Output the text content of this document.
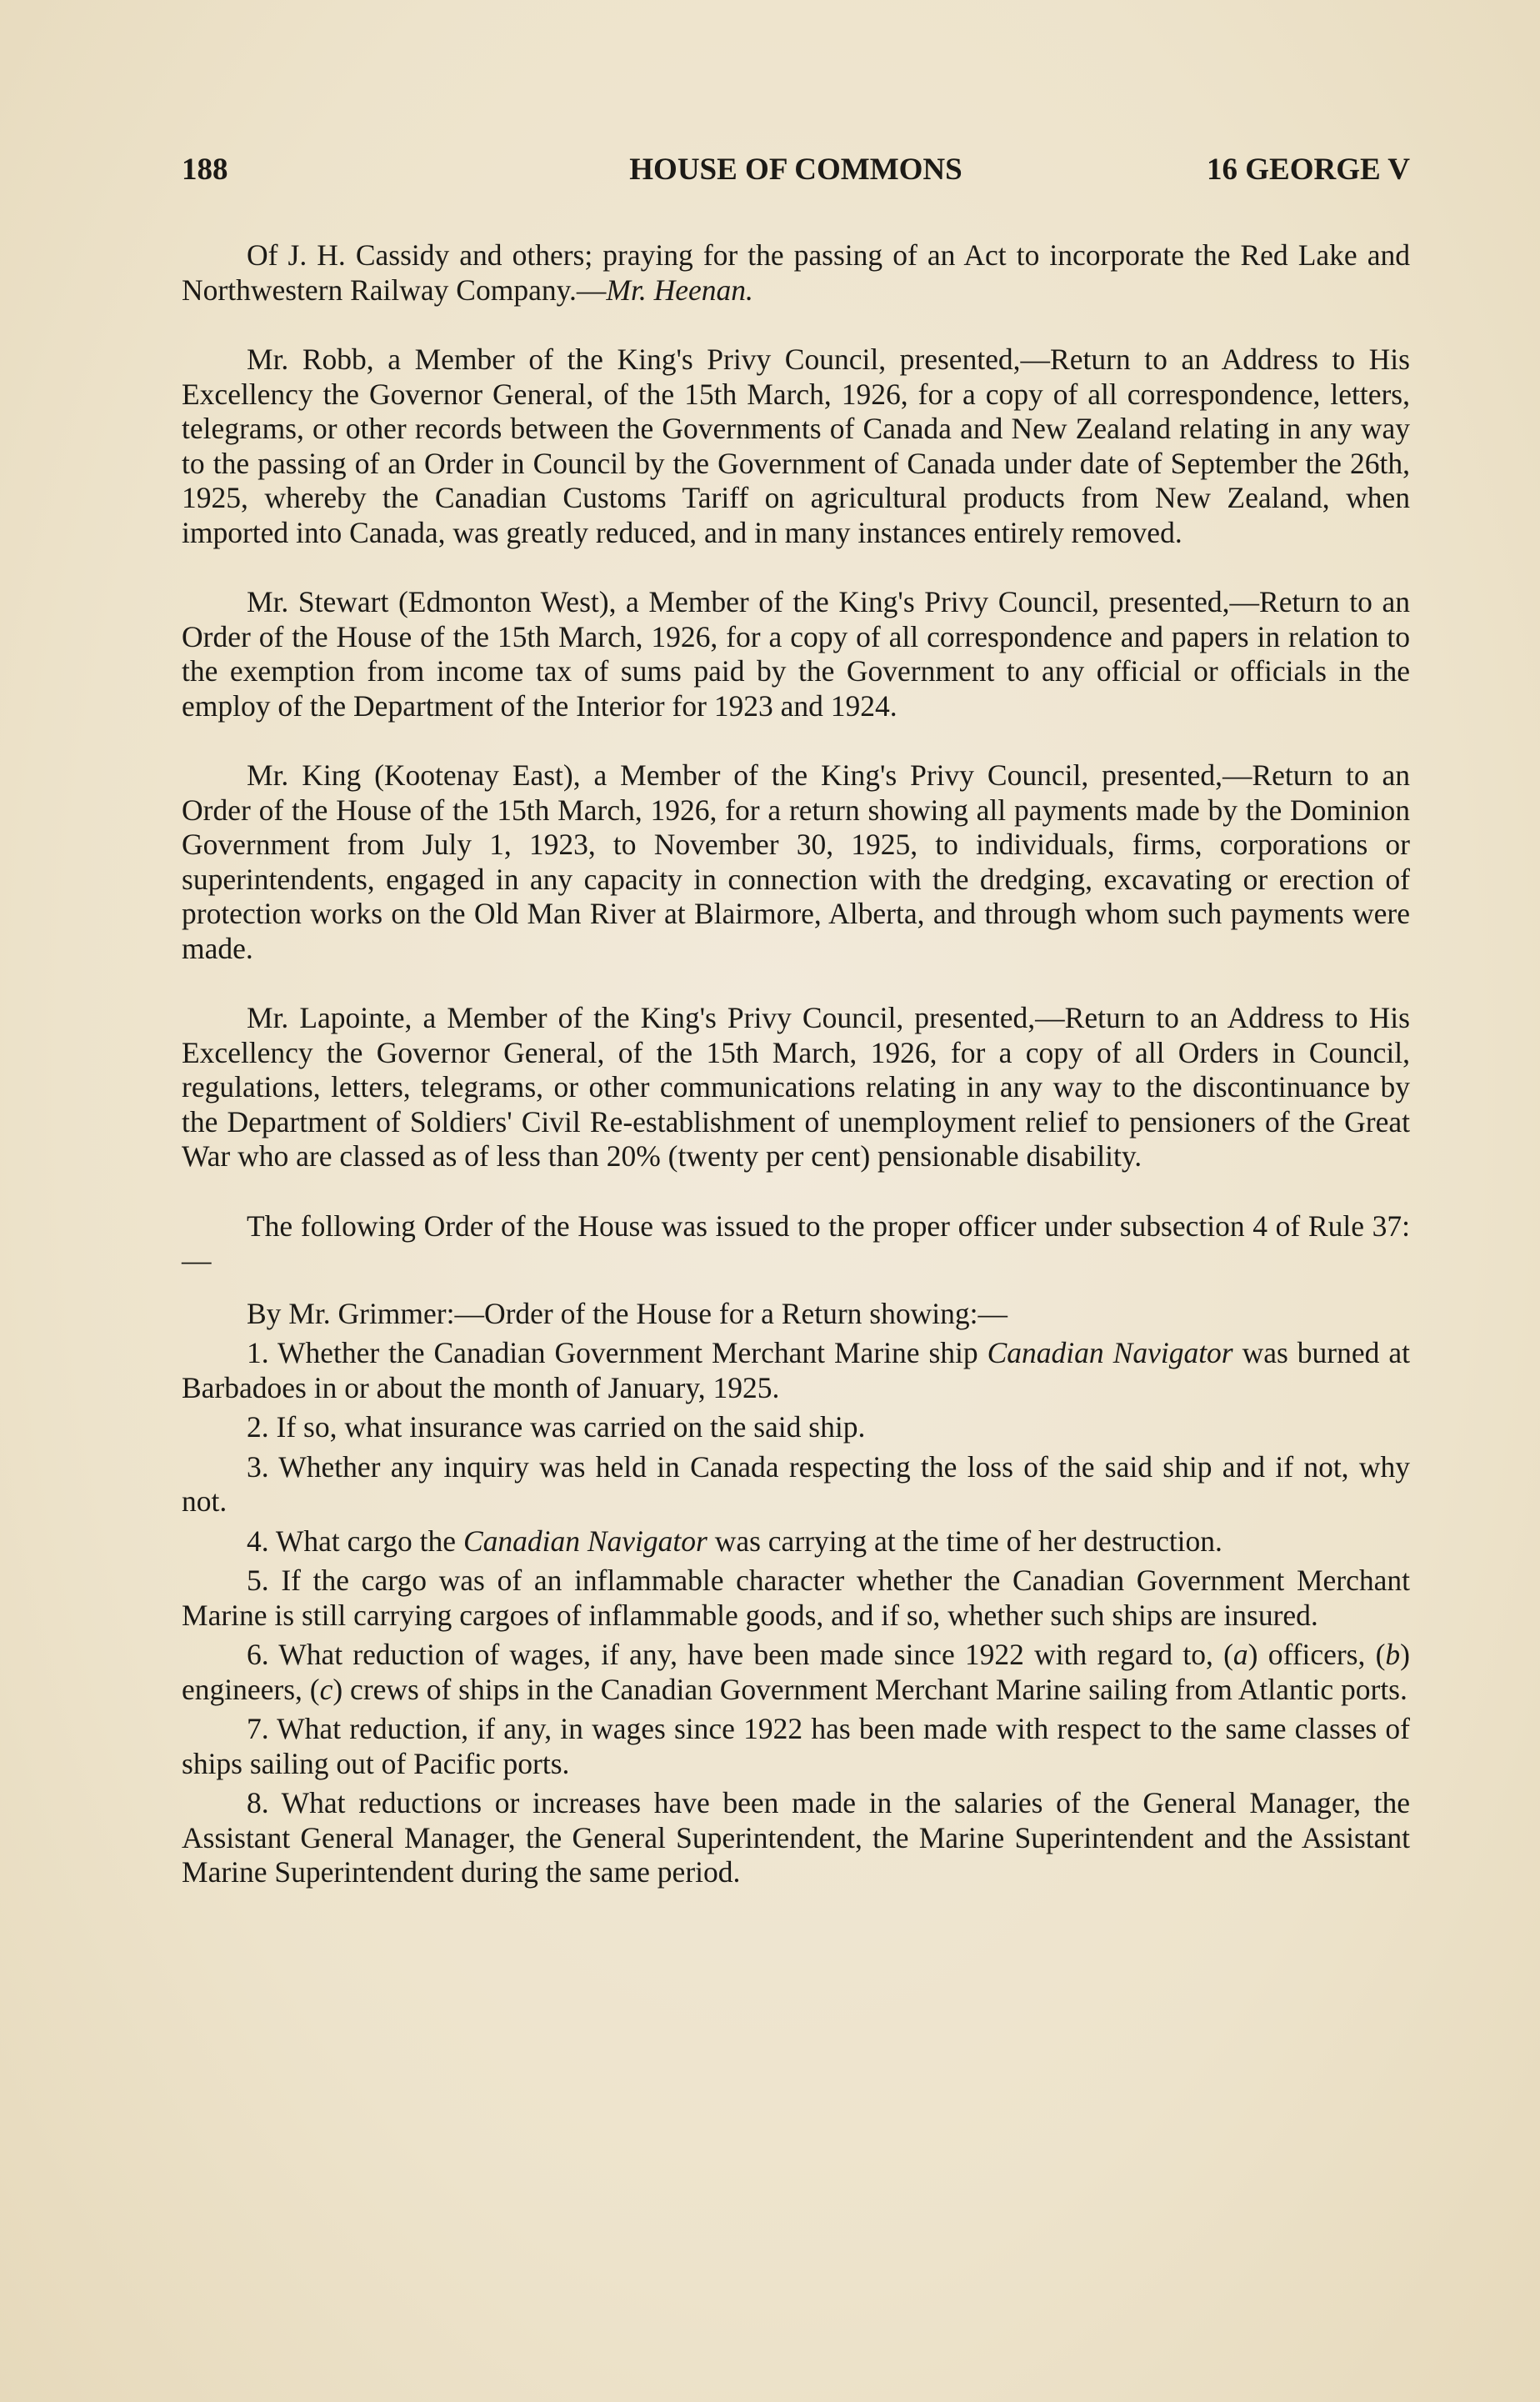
188	HOUSE OF COMMONS	16 GEORGE V

Of J. H. Cassidy and others; praying for the passing of an Act to incorporate the Red Lake and Northwestern Railway Company.—Mr. Heenan.

Mr. Robb, a Member of the King's Privy Council, presented,—Return to an Address to His Excellency the Governor General, of the 15th March, 1926, for a copy of all correspondence, letters, telegrams, or other records between the Governments of Canada and New Zealand relating in any way to the passing of an Order in Council by the Government of Canada under date of September the 26th, 1925, whereby the Canadian Customs Tariff on agricultural products from New Zealand, when imported into Canada, was greatly reduced, and in many instances entirely removed.

Mr. Stewart (Edmonton West), a Member of the King's Privy Council, presented,—Return to an Order of the House of the 15th March, 1926, for a copy of all correspondence and papers in relation to the exemption from income tax of sums paid by the Government to any official or officials in the employ of the Department of the Interior for 1923 and 1924.

Mr. King (Kootenay East), a Member of the King's Privy Council, presented,—Return to an Order of the House of the 15th March, 1926, for a return showing all payments made by the Dominion Government from July 1, 1923, to November 30, 1925, to individuals, firms, corporations or superintendents, engaged in any capacity in connection with the dredging, excavating or erection of protection works on the Old Man River at Blairmore, Alberta, and through whom such payments were made.

Mr. Lapointe, a Member of the King's Privy Council, presented,—Return to an Address to His Excellency the Governor General, of the 15th March, 1926, for a copy of all Orders in Council, regulations, letters, telegrams, or other communications relating in any way to the discontinuance by the Department of Soldiers' Civil Re-establishment of unemployment relief to pensioners of the Great War who are classed as of less than 20% (twenty per cent) pensionable disability.

The following Order of the House was issued to the proper officer under subsection 4 of Rule 37:—

By Mr. Grimmer:—Order of the House for a Return showing:—

1. Whether the Canadian Government Merchant Marine ship Canadian Navigator was burned at Barbadoes in or about the month of January, 1925.

2. If so, what insurance was carried on the said ship.

3. Whether any inquiry was held in Canada respecting the loss of the said ship and if not, why not.

4. What cargo the Canadian Navigator was carrying at the time of her destruction.

5. If the cargo was of an inflammable character whether the Canadian Government Merchant Marine is still carrying cargoes of inflammable goods, and if so, whether such ships are insured.

6. What reduction of wages, if any, have been made since 1922 with regard to, (a) officers, (b) engineers, (c) crews of ships in the Canadian Government Merchant Marine sailing from Atlantic ports.

7. What reduction, if any, in wages since 1922 has been made with respect to the same classes of ships sailing out of Pacific ports.

8. What reductions or increases have been made in the salaries of the General Manager, the Assistant General Manager, the General Superintendent, the Marine Superintendent and the Assistant Marine Superintendent during the same period.
